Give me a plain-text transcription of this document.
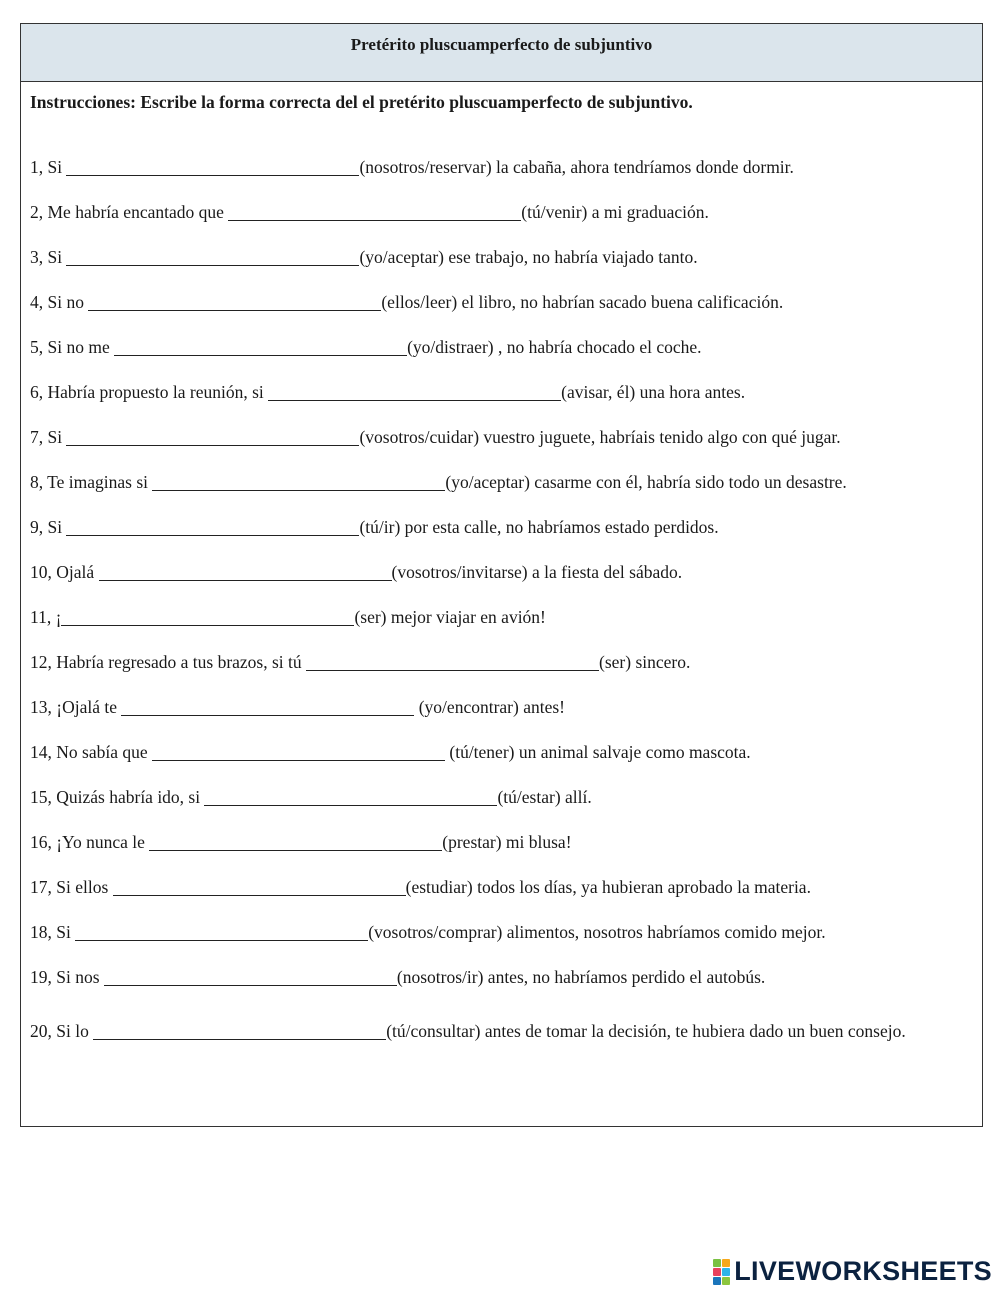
Pretérito pluscuamperfecto de subjuntivo
Instrucciones: Escribe la forma correcta del el pretérito pluscuamperfecto de subjuntivo.
1, Si	(nosotros/reservar) la cabaña, ahora tendríamos donde dormir.
2, Me habría encantado que	(tú/venir) a mi graduación.
3, Si	(yo/aceptar) ese trabajo, no habría viajado tanto.
4, Si no	(ellos/leer) el libro, no habrían sacado buena calificación.
5, Si no me	(yo/distraer) , no habría chocado el coche.
6, Habría propuesto la reunión, si	(avisar, él) una hora antes.
7, Si	(vosotros/cuidar) vuestro juguete, habríais tenido algo con qué jugar.
8, Te imaginas si	(yo/aceptar) casarme con él, habría sido todo un desastre.
9, Si	(tú/ir) por esta calle, no habríamos estado perdidos.
10, Ojalá	(vosotros/invitarse) a la fiesta del sábado.
11, ¡	(ser) mejor viajar en avión!
12, Habría regresado a tus brazos, si tú	(ser) sincero.
13, ¡Ojalá te	(yo/encontrar) antes!
14, No sabía que	(tú/tener) un animal salvaje como mascota.
15, Quizás habría ido, si	(tú/estar) allí.
16, ¡Yo nunca le	(prestar) mi blusa!
17, Si ellos	(estudiar) todos los días, ya hubieran aprobado la materia.
18, Si	(vosotros/comprar) alimentos, nosotros habríamos comido mejor.
19, Si nos	(nosotros/ir) antes, no habríamos perdido el autobús.
20, Si lo	(tú/consultar) antes de tomar la decisión, te hubiera dado un buen consejo.
LIVEWORKSHEETS
